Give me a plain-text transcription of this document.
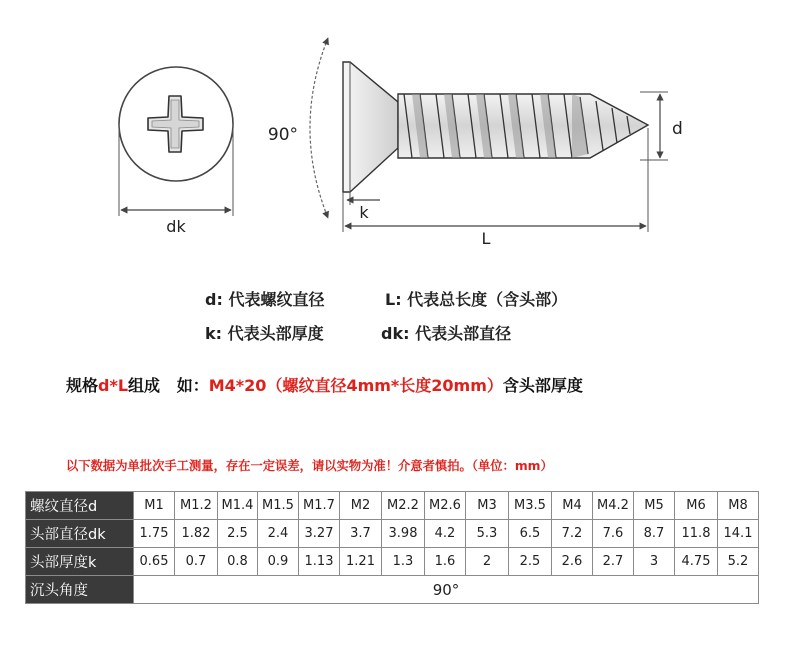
dk
90°	d
k
L
d: 代表螺纹直径	L: 代表总长度（含头部）
k: 代表头部厚度	dk: 代表头部直径
规格d*L组成   如：M4*20（螺纹直径4mm*长度20mm）含头部厚度
以下数据为单批次手工测量，存在一定误差，请以实物为准！介意者慎拍。（单位：mm）
螺纹直径d	M1	M1.2	M1.4	M1.5	M1.7	M2	M2.2	M2.6	M3	M3.5	M4	M4.2	M5	M6	M8
头部直径dk	1.75	1.82	2.5	2.4	3.27	3.7	3.98	4.2	5.3	6.5	7.2	7.6	8.7	11.8	14.1
头部厚度k	0.65	0.7	0.8	0.9	1.13	1.21	1.3	1.6	2	2.5	2.6	2.7	3	4.75	5.2
沉头角度	90°														
